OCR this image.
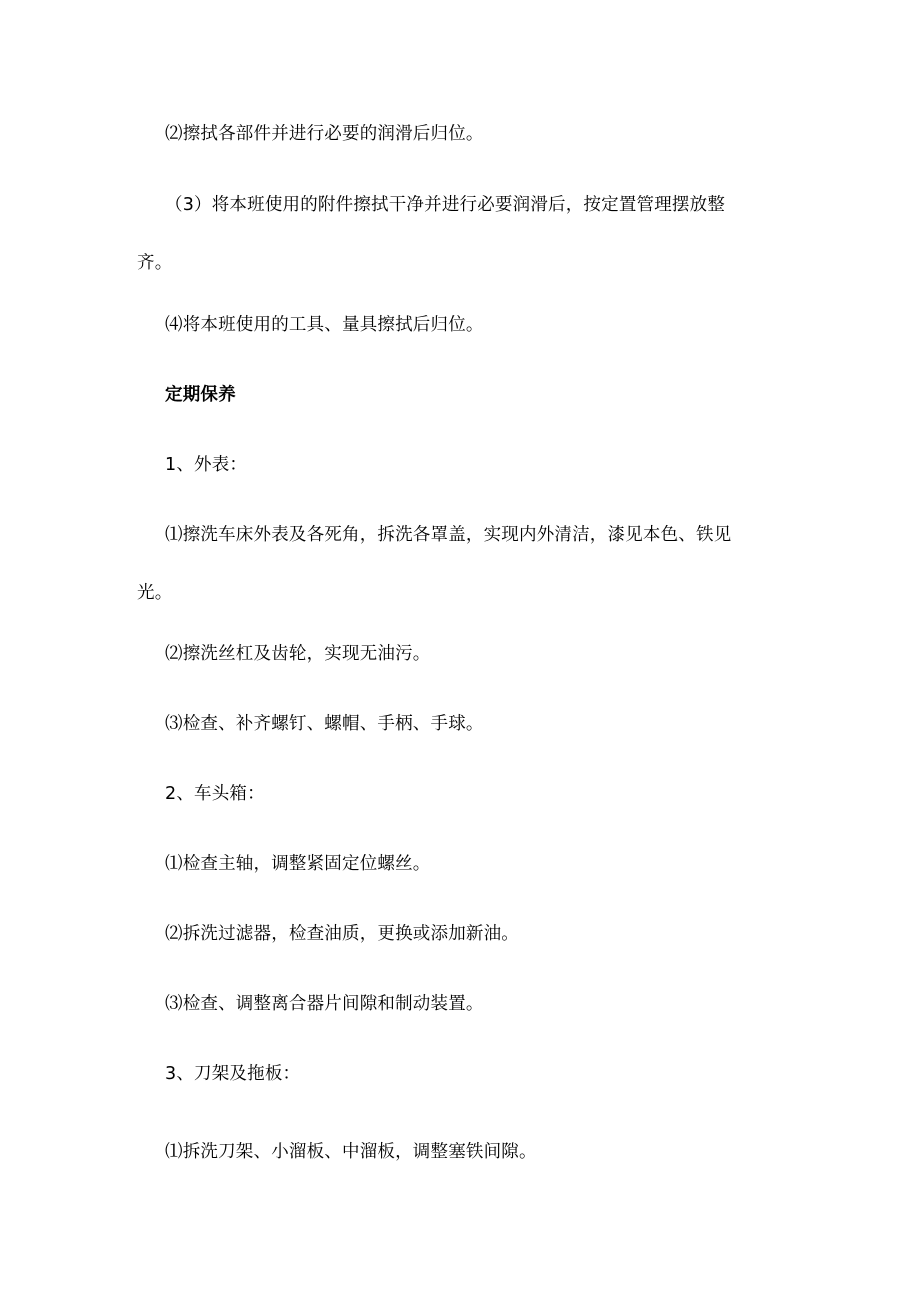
⑵擦拭各部件并进行必要的润滑后归位。

（3）将本班使用的附件擦拭干净并进行必要润滑后，按定置管理摆放整
齐。

⑷将本班使用的工具、量具擦拭后归位。

定期保养

1、外表：

⑴擦洗车床外表及各死角，拆洗各罩盖，实现内外清洁，漆见本色、铁见
光。

⑵擦洗丝杠及齿轮，实现无油污。

⑶检查、补齐螺钉、螺帽、手柄、手球。

2、车头箱：

⑴检查主轴，调整紧固定位螺丝。

⑵拆洗过滤器，检查油质，更换或添加新油。

⑶检查、调整离合器片间隙和制动装置。

3、刀架及拖板：

⑴拆洗刀架、小溜板、中溜板，调整塞铁间隙。
